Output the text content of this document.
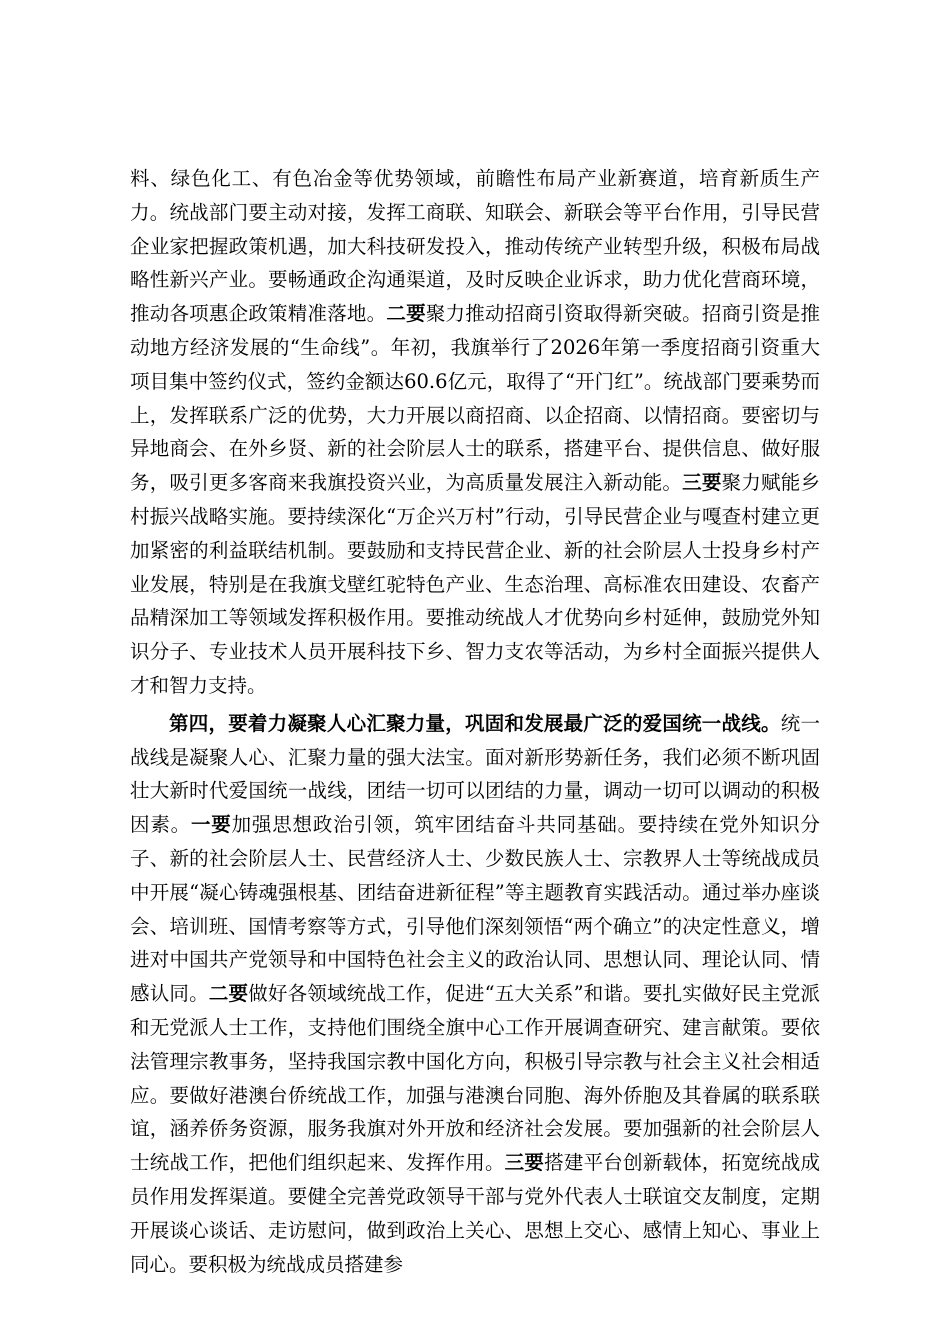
料、绿色化工、有色冶金等优势领域，前瞻性布局产业新赛道，培育新质生产力。统战部门要主动对接，发挥工商联、知联会、新联会等平台作用，引导民营企业家把握政策机遇，加大科技研发投入，推动传统产业转型升级，积极布局战略性新兴产业。要畅通政企沟通渠道，及时反映企业诉求，助力优化营商环境，推动各项惠企政策精准落地。二要聚力推动招商引资取得新突破。招商引资是推动地方经济发展的“生命线”。年初，我旗举行了2026年第一季度招商引资重大项目集中签约仪式，签约金额达60.6亿元，取得了“开门红”。统战部门要乘势而上，发挥联系广泛的优势，大力开展以商招商、以企招商、以情招商。要密切与异地商会、在外乡贤、新的社会阶层人士的联系，搭建平台、提供信息、做好服务，吸引更多客商来我旗投资兴业，为高质量发展注入新动能。三要聚力赋能乡村振兴战略实施。要持续深化“万企兴万村”行动，引导民营企业与嘎查村建立更加紧密的利益联结机制。要鼓励和支持民营企业、新的社会阶层人士投身乡村产业发展，特别是在我旗戈壁红驼特色产业、生态治理、高标准农田建设、农畜产品精深加工等领域发挥积极作用。要推动统战人才优势向乡村延伸，鼓励党外知识分子、专业技术人员开展科技下乡、智力支农等活动，为乡村全面振兴提供人才和智力支持。

第四，要着力凝聚人心汇聚力量，巩固和发展最广泛的爱国统一战线。统一战线是凝聚人心、汇聚力量的强大法宝。面对新形势新任务，我们必须不断巩固壮大新时代爱国统一战线，团结一切可以团结的力量，调动一切可以调动的积极因素。一要加强思想政治引领，筑牢团结奋斗共同基础。要持续在党外知识分子、新的社会阶层人士、民营经济人士、少数民族人士、宗教界人士等统战成员中开展“凝心铸魂强根基、团结奋进新征程”等主题教育实践活动。通过举办座谈会、培训班、国情考察等方式，引导他们深刻领悟“两个确立”的决定性意义，增进对中国共产党领导和中国特色社会主义的政治认同、思想认同、理论认同、情感认同。二要做好各领域统战工作，促进“五大关系”和谐。要扎实做好民主党派和无党派人士工作，支持他们围绕全旗中心工作开展调查研究、建言献策。要依法管理宗教事务，坚持我国宗教中国化方向，积极引导宗教与社会主义社会相适应。要做好港澳台侨统战工作，加强与港澳台同胞、海外侨胞及其眷属的联系联谊，涵养侨务资源，服务我旗对外开放和经济社会发展。要加强新的社会阶层人士统战工作，把他们组织起来、发挥作用。三要搭建平台创新载体，拓宽统战成员作用发挥渠道。要健全完善党政领导干部与党外代表人士联谊交友制度，定期开展谈心谈话、走访慰问，做到政治上关心、思想上交心、感情上知心、事业上同心。要积极为统战成员搭建参
